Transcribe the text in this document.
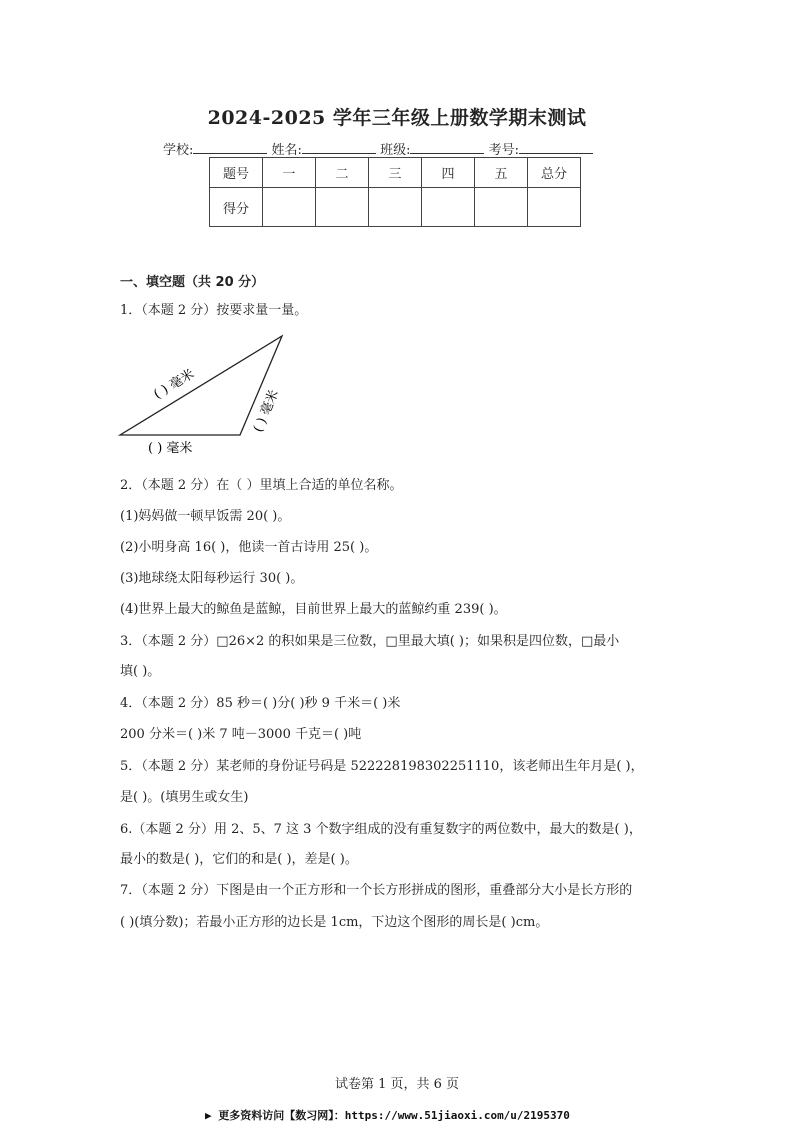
2024-2025 学年三年级上册数学期末测试
学校:	姓名:	班级:	考号:
题号	一	二	三	四	五	总分
得分						
一、填空题（共 20 分）
1．（本题 2 分）按要求量一量。
( ) 毫米
( ) 毫米
( ) 毫米
2．（本题 2 分）在（ ）里填上合适的单位名称。
(1)妈妈做一顿早饭需 20( )。
(2)小明身高 16( )，他读一首古诗用 25( )。
(3)地球绕太阳每秒运行 30( )。
(4)世界上最大的鲸鱼是蓝鲸，目前世界上最大的蓝鲸约重 239( )。
3．（本题 2 分）□26×2 的积如果是三位数，□里最大填( )；如果积是四位数，□最小
填( )。
4．（本题 2 分）85 秒＝( )分( )秒 9 千米＝( )米
200 分米＝( )米 7 吨－3000 千克＝( )吨
5．（本题 2 分）某老师的身份证号码是 522228198302251110，该老师出生年月是( )，
是( )。(填男生或女生)
6.（本题 2 分）用 2、5、7 这 3 个数字组成的没有重复数字的两位数中，最大的数是( )，
最小的数是( )，它们的和是( )，差是( )。
7．（本题 2 分）下图是由一个正方形和一个长方形拼成的图形，重叠部分大小是长方形的
( )(填分数)；若最小正方形的边长是 1cm，下边这个图形的周长是( )cm。
试卷第 1 页，共 6 页
▶ 更多资料访问【数习网】：https://www.51jiaoxi.com/u/2195370
